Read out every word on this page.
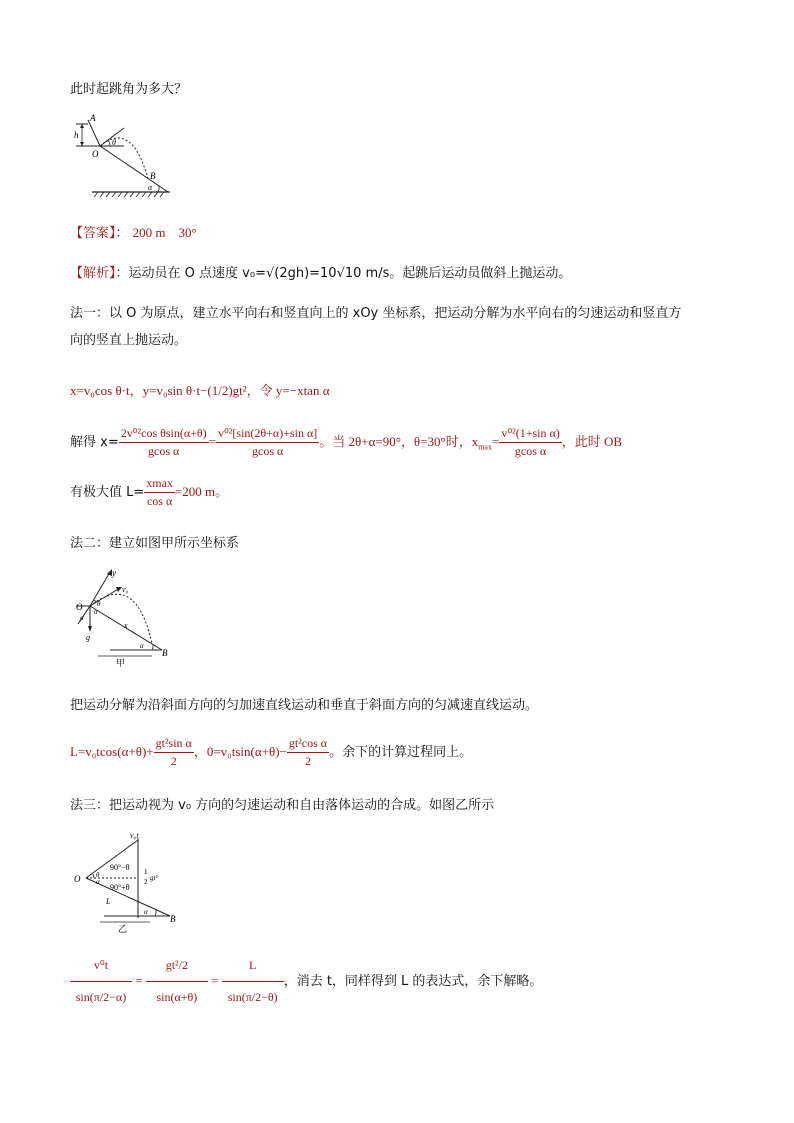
此时起跳角为多大？
A
h
O
θ
B
α
【答案】： 200 m　30°
【解析】：运动员在 O 点速度 v₀=√(2gh)=10√10 m/s。起跳后运动员做斜上抛运动。
法一：以 O 为原点，建立水平向右和竖直向上的 xOy 坐标系，把运动分解为水平向右的匀速运动和竖直方
向的竖直上抛运动。
x=v₀cos θ·t，y=v₀sin θ·t−(1/2)gt²，令 y=−xtan α
解得 $x= \frac{\text{2v⁰²cos θsin(α+θ)}}{\text{gcos α}} = \frac{\text{v⁰²[sin(2θ+α)+sin α]}}{\text{gcos α}}$ 。当 2θ+α=90°，θ=30°时，$x_{max}= \frac{\text{v⁰²(1+sin α)}}{\text{gcos α}}$ ，此时 OB
有极大值 $L= \frac{xmax}{\text{cos α}} =200$ m。
法二：建立如图甲所示坐标系
y
v₀
O θ
α
α
x
g
B
α
甲
把运动分解为沿斜面方向的匀加速直线运动和垂直于斜面方向的匀减速直线运动。
$L=v_0tcos(\alpha+\theta)+ \frac{\text{gt²sin α}}{2}$ ，$0=v_0tsin(\alpha+\theta)- \frac{\text{gt²cos α}}{2}$ 。余下的计算过程同上。
法三：把运动视为 v₀ 方向的匀速运动和自由落体运动的合成。如图乙所示
v₀t
90°−θ 1
2 gt²
O θ
α
90°+θ
L
α
B
乙
$\frac{\text{v⁰t}}{\sin(\pi/2-\alpha)} = \frac{\text{gt²/2}}{\sin(\alpha+\theta)} = \frac{L}{\sin(\pi/2-\theta)}$ ，消去 t，同样得到 L 的表达式，余下解略。
